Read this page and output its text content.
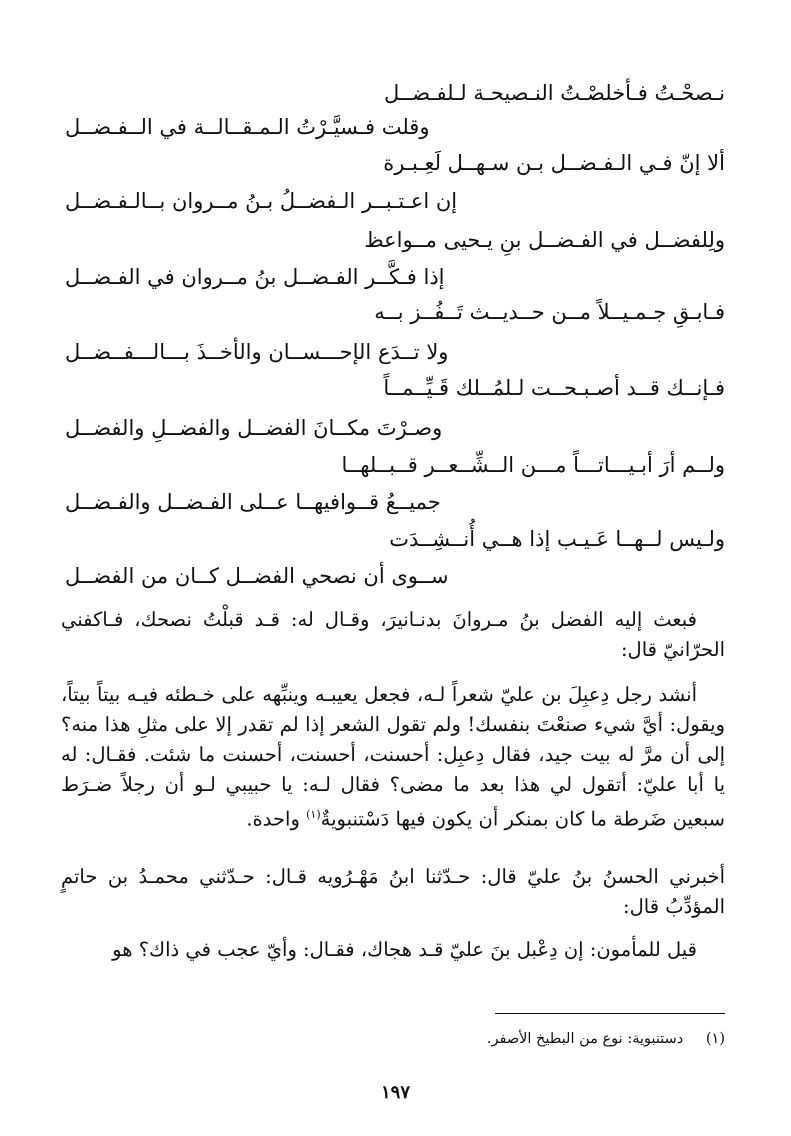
نـصحْـتُ فـأخلصْـتُ النـصيحـة لـلفـضــل
وقلت فـسيَّـرْتُ الـمـقــالــة في الــفـضــل
ألا إنّ فـي الـفـضــل بـن سـهــل لَعِـبـرة
إن اعـتـبــر الـفضــلُ بـنُ مــروان بــالـفـضــل
ولِلفضــل في الفـضــل بنِ يـحيى مــواعظ
إذا فـكَّــر الفـضــل بنُ مــروان في الفـضــل
فـابـقِ جـمـيــلاً مــن حــديــث تَــفُــز بــه
ولا تــدَع الإحـــســان والأخــذَ بـــالـــفــضــل
فـإنــك قــد أصـبـحــت لـلمُــلك قَـيِّــمــاً
وصـرْتَ مكــانَ الفضــل والفضــلِ والفضــل
ولــم أرَ أبـيـــاتـــاً مـــن الــشِّــعــر قــبــلهــا
جميــعُ قــوافيهــا عــلى الفـضــل والفـضــل
ولـيس لــهــا عَـيـب إذا هــي أُنــشِــدَت
ســوى أن نصحي الفضــل كــان من الفضــل

فبعث إليه الفضل بنُ مـروانَ بدنـانيرَ، وقـال له: قـد قبلْتُ نصحك، فـاكفني الحرّانيّ قال:

أنشد رجل دِعبِلَ بن عليّ شعراً لـه، فجعل يعيبـه وينبِّهه على خـطئه فيـه بيتاً بيتاً، ويقول: أيَّ شيء صنعْتَ بنفسك! ولم تقول الشعر إذا لم تقدر إلا على مثلِ هذا منه؟ إلى أن مرَّ له بيت جيد، فقال دِعبِل: أحسنت، أحسنت، أحسنت ما شئت. فقـال: له يا أبا عليّ: أتقول لي هذا بعد ما مضى؟ فقال لـه: يا حبيبي لـو أن رجلاً ضـرَط سبعين ضَرطة ما كان بمنكر أن يكون فيها دَسْتنبويةٌ$^{(١)}$ واحدة.

أخبرني الحسنُ بنُ عليّ قال: حـدّثنا ابنُ مَهْـرُويه قـال: حـدّثني محمـدُ بن حاتمٍ المؤدِّبُ قال:

قيل للمأمون: إن دِعْبل بنَ عليّ قـد هجاك، فقـال: وأيّ عجب في ذاك؟ هو

(١) دستنبوية: نوع من البطيخ الأصفر.
١٩٧
